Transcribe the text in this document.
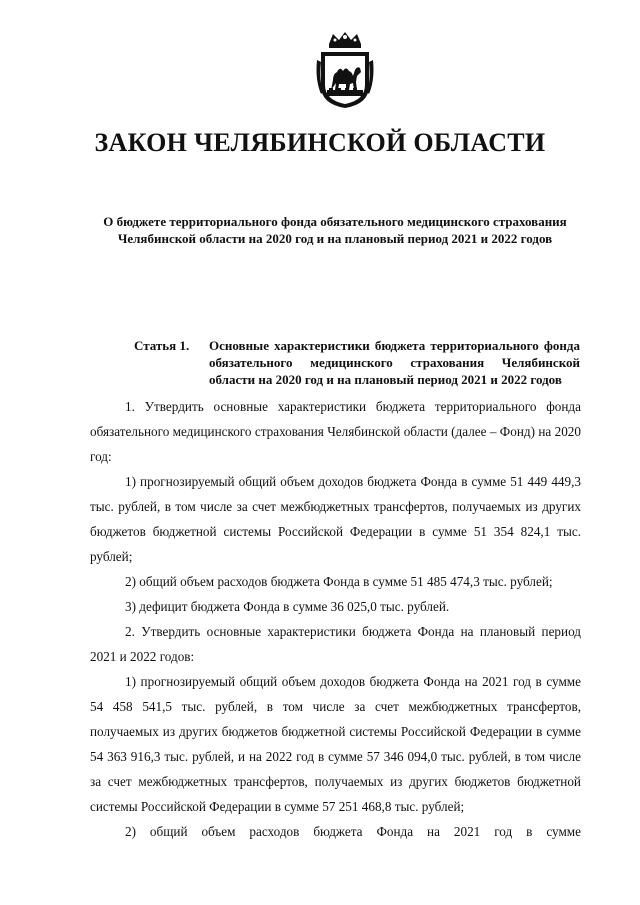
ЗАКОН ЧЕЛЯБИНСКОЙ ОБЛАСТИ
О бюджете территориального фонда обязательного медицинского страхования Челябинской области на 2020 год и на плановый период 2021 и 2022 годов
Статья 1. Основные характеристики бюджета территориального фонда обязательного медицинского страхования Челябинской области на 2020 год и на плановый период 2021 и 2022 годов

1. Утвердить основные характеристики бюджета территориального фонда обязательного медицинского страхования Челябинской области (далее – Фонд) на 2020 год:

1) прогнозируемый общий объем доходов бюджета Фонда в сумме 51 449 449,3 тыс. рублей, в том числе за счет межбюджетных трансфертов, получаемых из других бюджетов бюджетной системы Российской Федерации в сумме 51 354 824,1 тыс. рублей;

2) общий объем расходов бюджета Фонда в сумме 51 485 474,3 тыс. рублей;

3) дефицит бюджета Фонда в сумме 36 025,0 тыс. рублей.

2. Утвердить основные характеристики бюджета Фонда на плановый период 2021 и 2022 годов:

1) прогнозируемый общий объем доходов бюджета Фонда на 2021 год в сумме 54 458 541,5 тыс. рублей, в том числе за счет межбюджетных трансфертов, получаемых из других бюджетов бюджетной системы Российской Федерации в сумме 54 363 916,3 тыс. рублей, и на 2022 год в сумме 57 346 094,0 тыс. рублей, в том числе за счет межбюджетных трансфертов, получаемых из других бюджетов бюджетной системы Российской Федерации в сумме 57 251 468,8 тыс. рублей;

2) общий объем расходов бюджета Фонда на 2021 год в сумме
